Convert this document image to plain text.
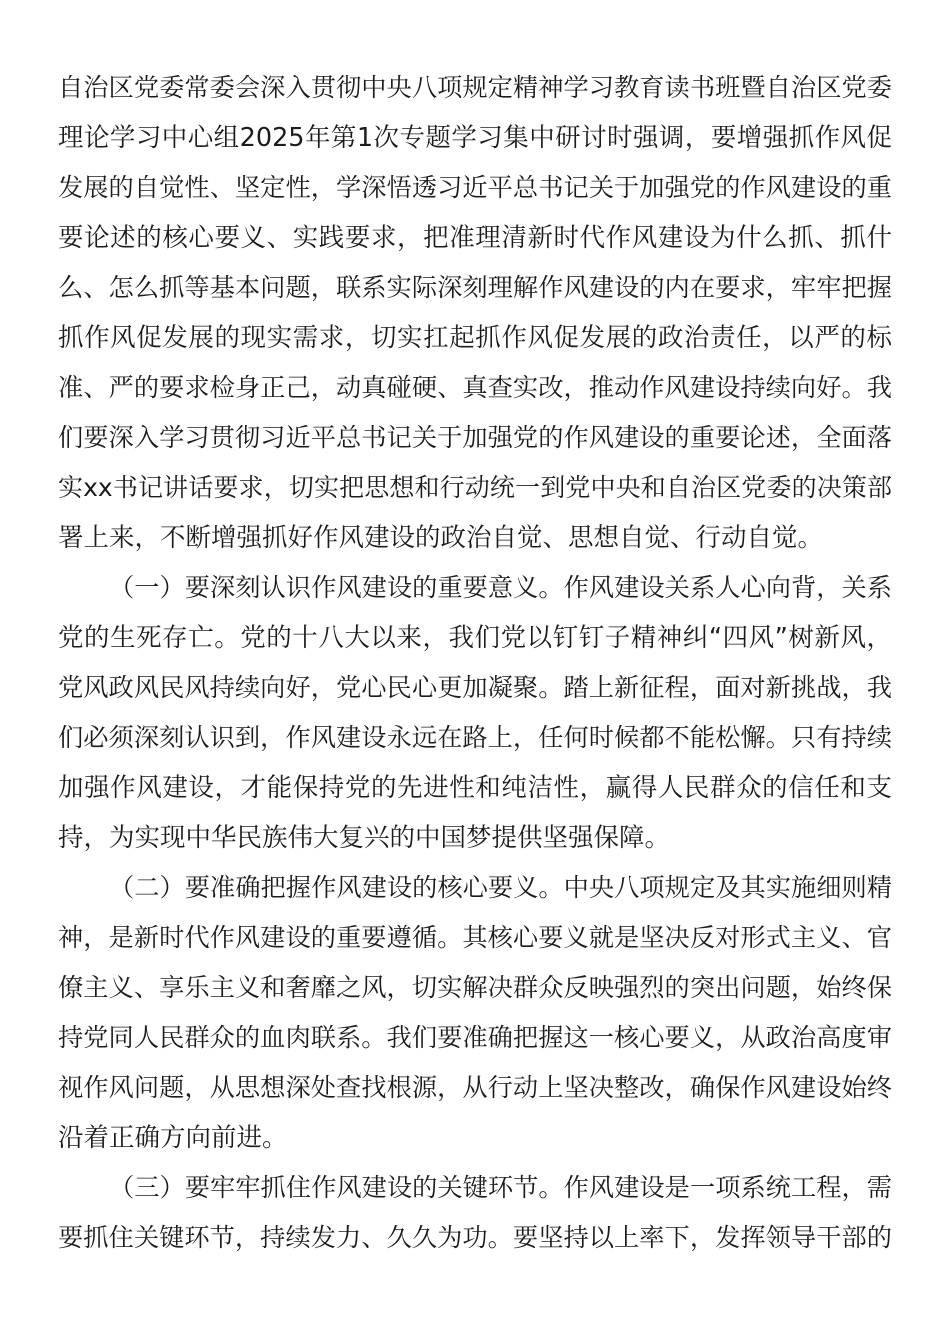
自治区党委常委会深入贯彻中央八项规定精神学习教育读书班暨自治区党委
理论学习中心组2025年第1次专题学习集中研讨时强调，要增强抓作风促
发展的自觉性、坚定性，学深悟透习近平总书记关于加强党的作风建设的重
要论述的核心要义、实践要求，把准理清新时代作风建设为什么抓、抓什
么、怎么抓等基本问题，联系实际深刻理解作风建设的内在要求，牢牢把握
抓作风促发展的现实需求，切实扛起抓作风促发展的政治责任，以严的标
准、严的要求检身正己，动真碰硬、真查实改，推动作风建设持续向好。我
们要深入学习贯彻习近平总书记关于加强党的作风建设的重要论述，全面落
实xx书记讲话要求，切实把思想和行动统一到党中央和自治区党委的决策部
署上来，不断增强抓好作风建设的政治自觉、思想自觉、行动自觉。
（一）要深刻认识作风建设的重要意义。作风建设关系人心向背，关系
党的生死存亡。党的十八大以来，我们党以钉钉子精神纠“四风”树新风，
党风政风民风持续向好，党心民心更加凝聚。踏上新征程，面对新挑战，我
们必须深刻认识到，作风建设永远在路上，任何时候都不能松懈。只有持续
加强作风建设，才能保持党的先进性和纯洁性，赢得人民群众的信任和支
持，为实现中华民族伟大复兴的中国梦提供坚强保障。
（二）要准确把握作风建设的核心要义。中央八项规定及其实施细则精
神，是新时代作风建设的重要遵循。其核心要义就是坚决反对形式主义、官
僚主义、享乐主义和奢靡之风，切实解决群众反映强烈的突出问题，始终保
持党同人民群众的血肉联系。我们要准确把握这一核心要义，从政治高度审
视作风问题，从思想深处查找根源，从行动上坚决整改，确保作风建设始终
沿着正确方向前进。
（三）要牢牢抓住作风建设的关键环节。作风建设是一项系统工程，需
要抓住关键环节，持续发力、久久为功。要坚持以上率下，发挥领导干部的
